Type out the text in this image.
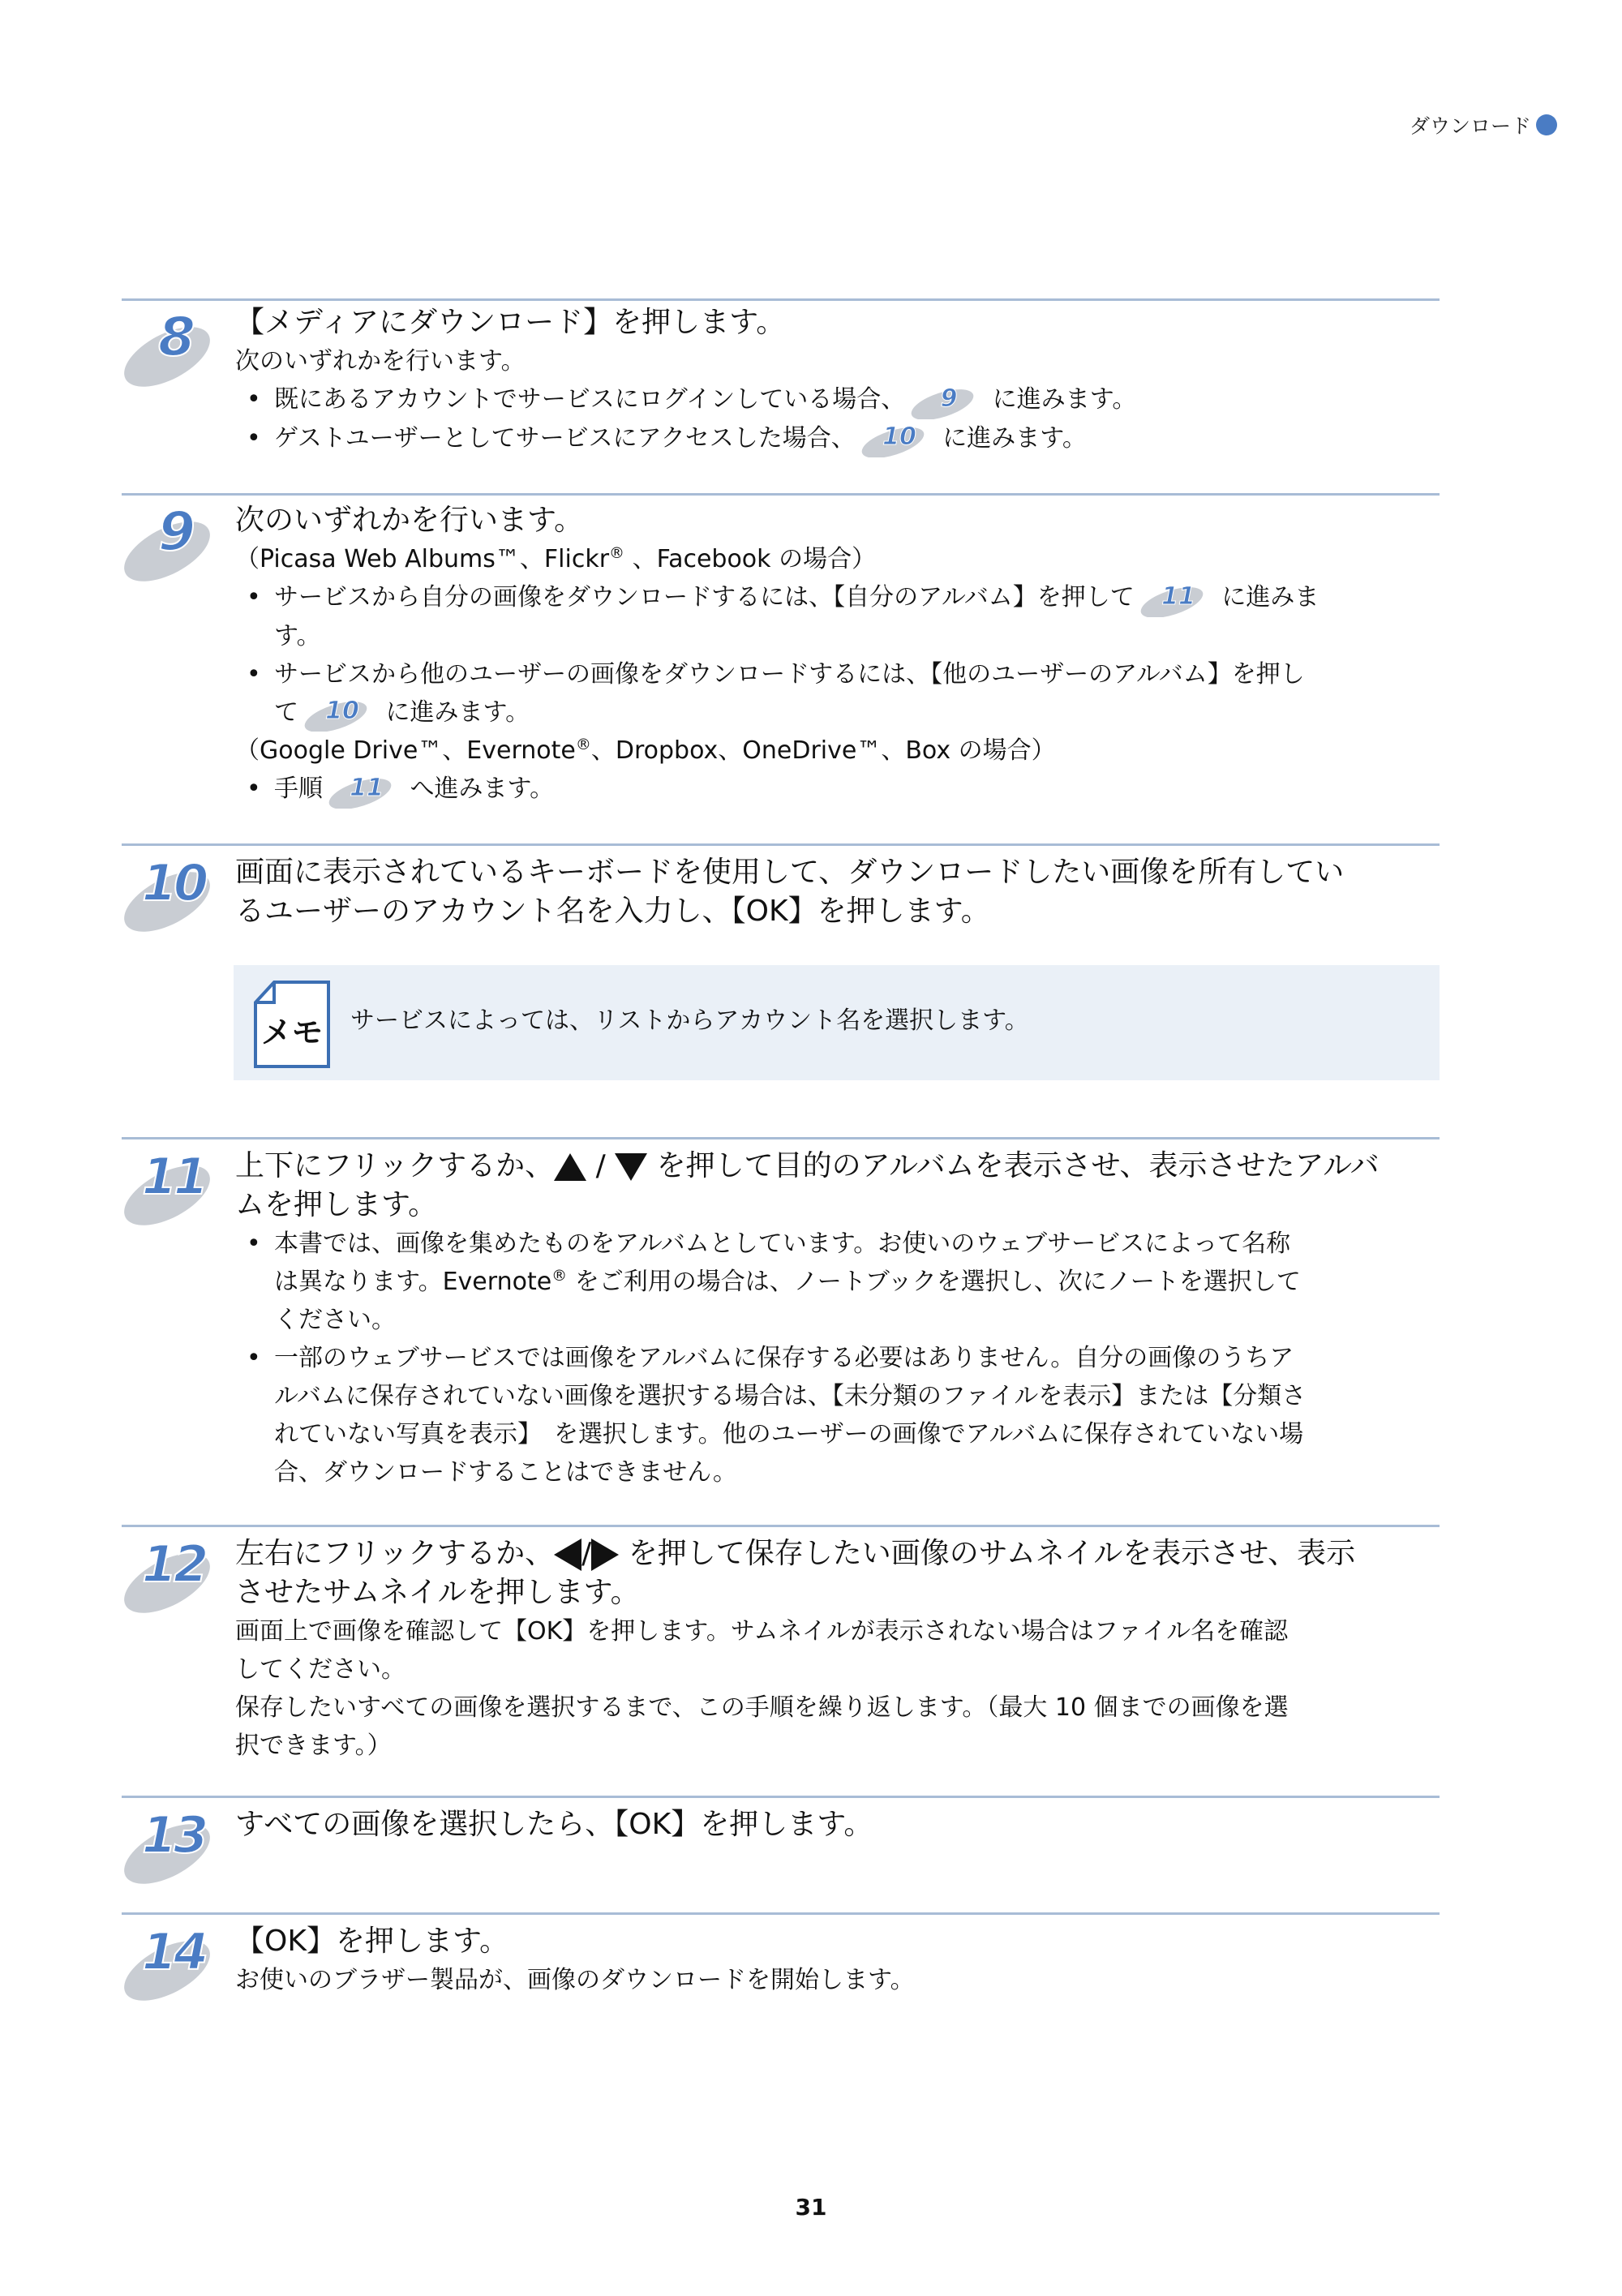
ダウンロード
8 【メディアにダウンロード】を押します。

次のいずれかを行います。

• 既にあるアカウントでサービスにログインしている場合、 9 に進みます。

• ゲストユーザーとしてサービスにアクセスした場合、 10 に進みます。

9 次のいずれかを行います。

（Picasa Web Albums™、Flickr® 、Facebook の場合）

• サービスから自分の画像をダウンロードするには、【自分のアルバム】を押して 11 に進みま
す。

• サービスから他のユーザーの画像をダウンロードするには、【他のユーザーのアルバム】を押し
て 10 に進みます。

（Google Drive™、Evernote®、Dropbox、OneDrive™、Box の場合）

• 手順 11 へ進みます。

10 画面に表示されているキーボードを使用して、ダウンロードしたい画像を所有してい
るユーザーのアカウント名を入力し、【OK】を押します。

メモ サービスによっては、リストからアカウント名を選択します。
11 上下にフリックするか、 /  を押して目的のアルバムを表示させ、表示させたアルバ
ムを押します。

• 本書では、画像を集めたものをアルバムとしています。お使いのウェブサービスによって名称
は異なります。Evernote® をご利用の場合は、ノートブックを選択し、次にノートを選択して
ください。

• 一部のウェブサービスでは画像をアルバムに保存する必要はありません。自分の画像のうちア
ルバムに保存されていない画像を選択する場合は、【未分類のファイルを表示】または【分類さ
れていない写真を表示】　を選択します。他のユーザーの画像でアルバムに保存されていない場
合、ダウンロードすることはできません。

12 左右にフリックするか、 / を押して保存したい画像のサムネイルを表示させ、表示
させたサムネイルを押します。

画面上で画像を確認して【OK】を押します。サムネイルが表示されない場合はファイル名を確認
してください。

保存したいすべての画像を選択するまで、この手順を繰り返します。（最大 10 個までの画像を選
択できます。）

13 すべての画像を選択したら、【OK】を押します。

14 【OK】を押します。

お使いのブラザー製品が、画像のダウンロードを開始します。

31
